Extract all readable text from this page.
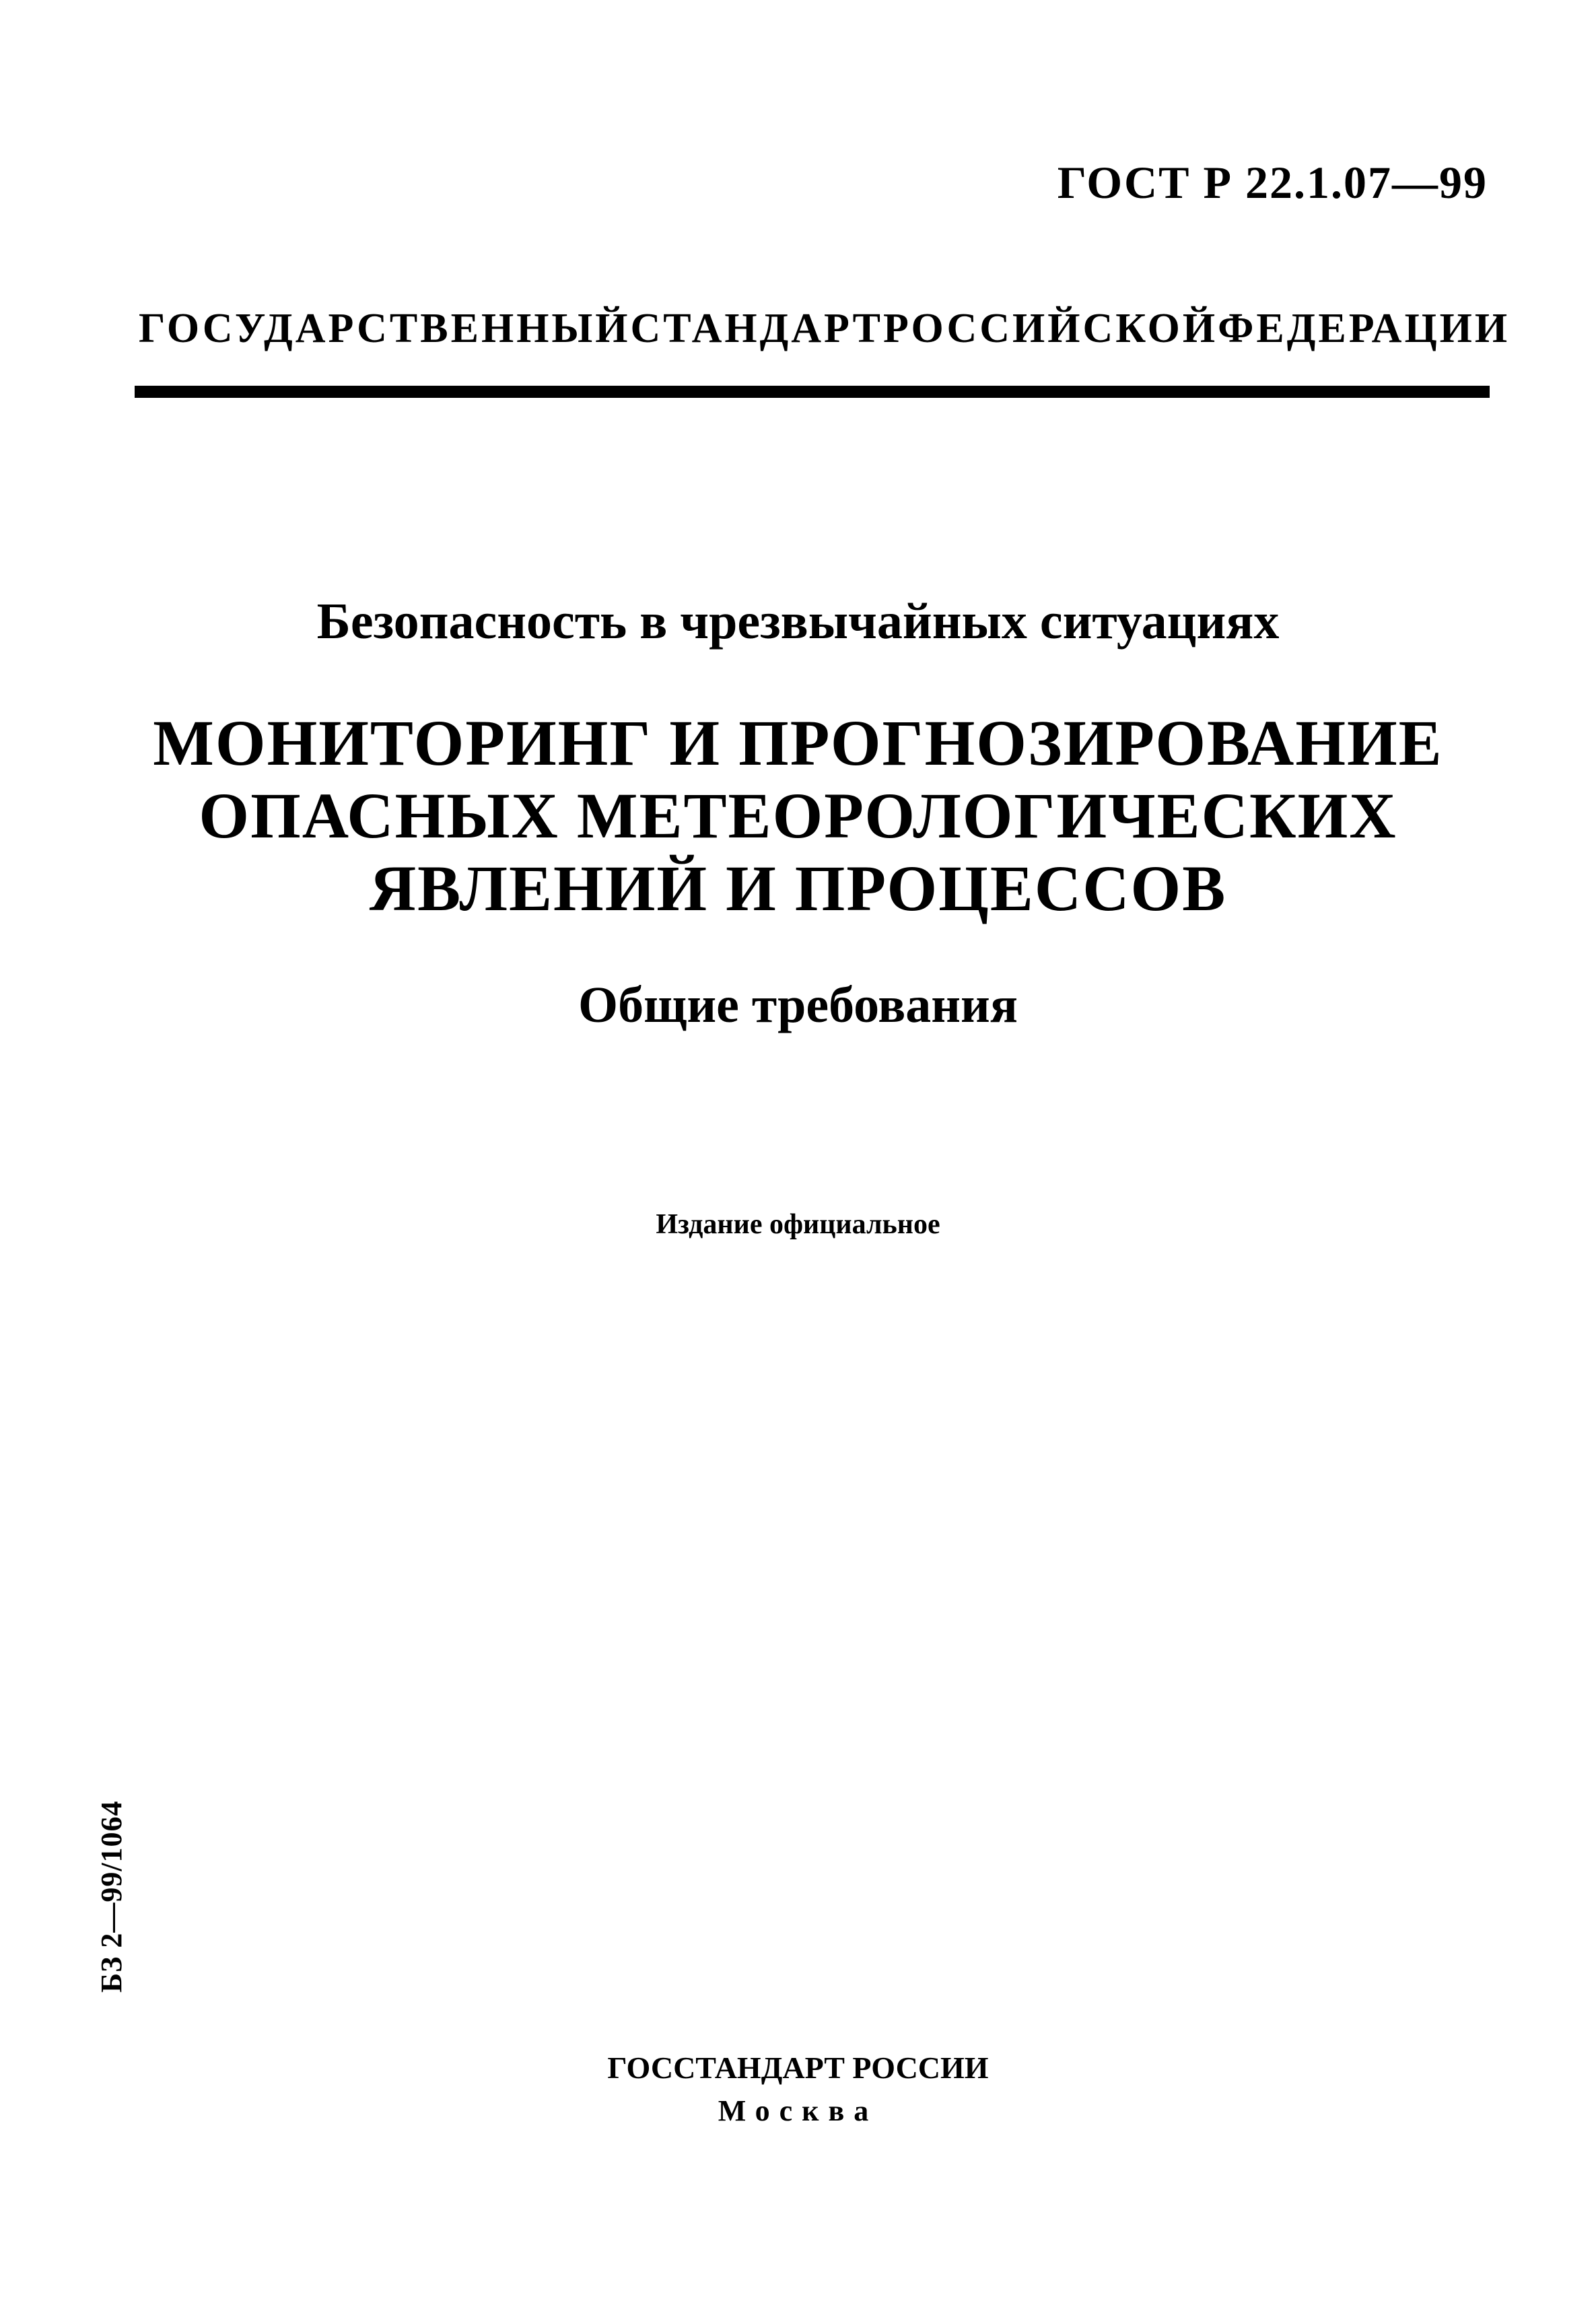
ГОСТ Р 22.1.07—99
ГОСУДАРСТВЕННЫЙ СТАНДАРТ РОССИЙСКОЙ ФЕДЕРАЦИИ
Безопасность в чрезвычайных ситуациях
МОНИТОРИНГ И ПРОГНОЗИРОВАНИЕ
ОПАСНЫХ МЕТЕОРОЛОГИЧЕСКИХ
ЯВЛЕНИЙ И ПРОЦЕССОВ
Общие требования
Издание официальное
БЗ 2—99/1064
ГОССТАНДАРТ РОССИИ
Москва
